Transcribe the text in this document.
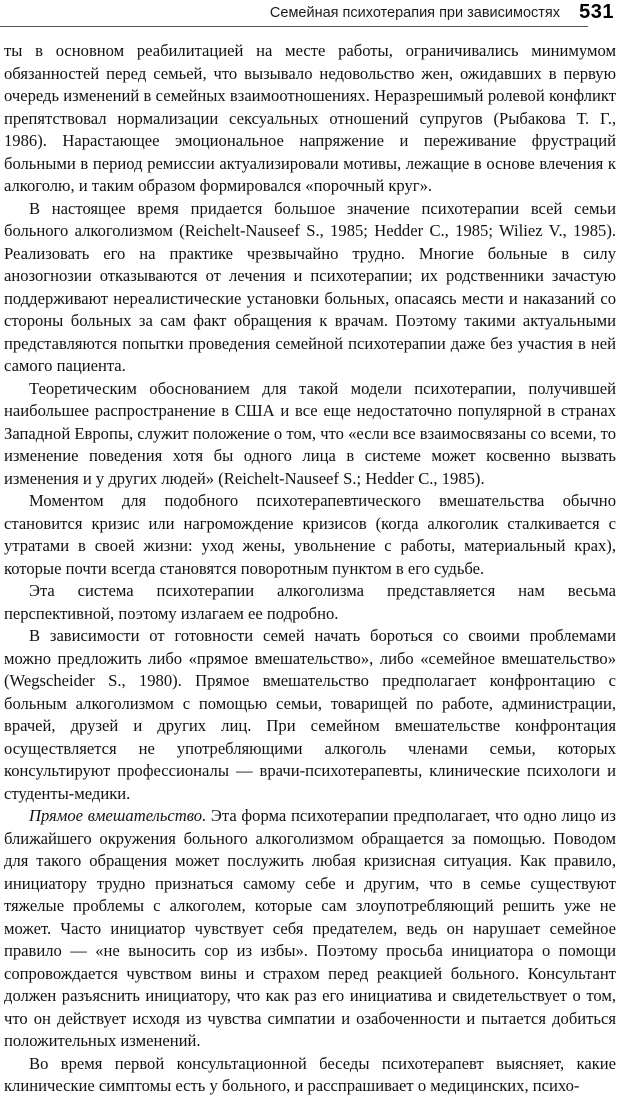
Семейная психотерапия при зависимостях 531

ты в основном реабилитацией на месте работы, ограничивались минимумом обязанностей перед семьей, что вызывало недовольство жен, ожидавших в первую очередь изменений в семейных взаимоотношениях. Неразрешимый ролевой конфликт препятствовал нормализации сексуальных отношений супругов (Рыбакова Т. Г., 1986). Нарастающее эмоциональное напряжение и переживание фрустраций больными в период ремиссии актуализировали мотивы, лежащие в основе влечения к алкоголю, и таким образом формировался «порочный круг».

В настоящее время придается большое значение психотерапии всей семьи больного алкоголизмом (Reichelt-Nauseef S., 1985; Hedder C., 1985; Wiliez V., 1985). Реализовать его на практике чрезвычайно трудно. Многие больные в силу анозогнозии отказываются от лечения и психотерапии; их родственники зачастую поддерживают нереалистические установки больных, опасаясь мести и наказаний со стороны больных за сам факт обращения к врачам. Поэтому такими актуальными представляются попытки проведения семейной психотерапии даже без участия в ней самого пациента.

Теоретическим обоснованием для такой модели психотерапии, получившей наибольшее распространение в США и все еще недостаточно популярной в странах Западной Европы, служит положение о том, что «если все взаимосвязаны со всеми, то изменение поведения хотя бы одного лица в системе может косвенно вызвать изменения и у других людей» (Reichelt-Nauseef S.; Hedder C., 1985).

Моментом для подобного психотерапевтического вмешательства обычно становится кризис или нагромождение кризисов (когда алкоголик сталкивается с утратами в своей жизни: уход жены, увольнение с работы, материальный крах), которые почти всегда становятся поворотным пунктом в его судьбе.

Эта система психотерапии алкоголизма представляется нам весьма перспективной, поэтому излагаем ее подробно.

В зависимости от готовности семей начать бороться со своими проблемами можно предложить либо «прямое вмешательство», либо «семейное вмешательство» (Wegscheider S., 1980). Прямое вмешательство предполагает конфронтацию с больным алкоголизмом с помощью семьи, товарищей по работе, администрации, врачей, друзей и других лиц. При семейном вмешательстве конфронтация осуществляется не употребляющими алкоголь членами семьи, которых консультируют профессионалы — врачи-психотерапевты, клинические психологи и студенты-медики.

Прямое вмешательство. Эта форма психотерапии предполагает, что одно лицо из ближайшего окружения больного алкоголизмом обращается за помощью. Поводом для такого обращения может послужить любая кризисная ситуация. Как правило, инициатору трудно признаться самому себе и другим, что в семье существуют тяжелые проблемы с алкоголем, которые сам злоупотребляющий решить уже не может. Часто инициатор чувствует себя предателем, ведь он нарушает семейное правило — «не выносить сор из избы». Поэтому просьба инициатора о помощи сопровождается чувством вины и страхом перед реакцией больного. Консультант должен разъяснить инициатору, что как раз его инициатива и свидетельствует о том, что он действует исходя из чувства симпатии и озабоченности и пытается добиться положительных изменений.

Во время первой консультационной беседы психотерапевт выясняет, какие клинические симптомы есть у больного, и расспрашивает о медицинских, психо-
